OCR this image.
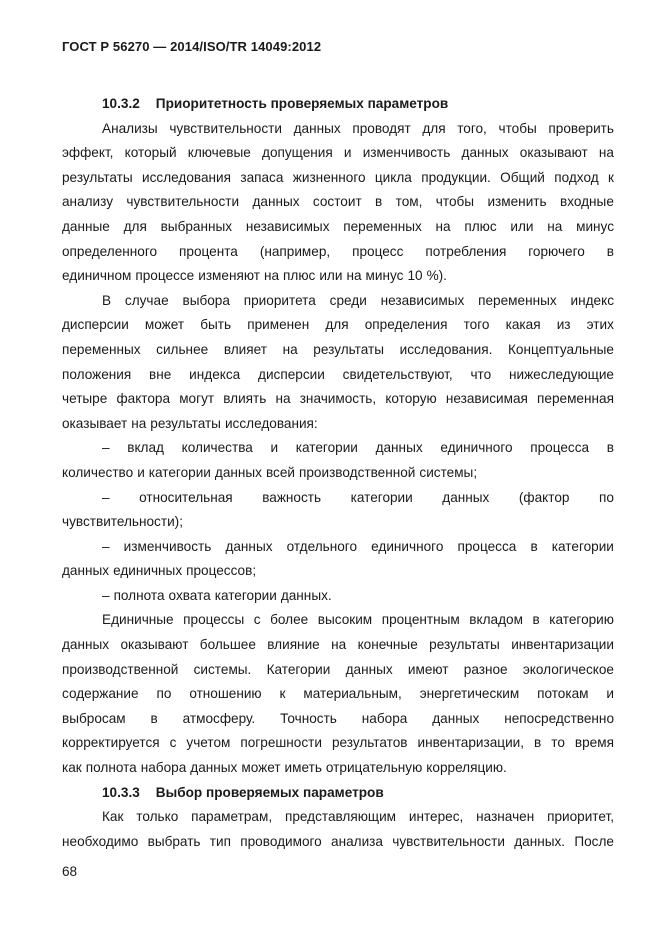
ГОСТ Р 56270 — 2014/ISO/TR 14049:2012
10.3.2 Приоритетность проверяемых параметров
Анализы чувствительности данных проводят для того, чтобы проверить
эффект, который ключевые допущения и изменчивость данных оказывают на
результаты исследования запаса жизненного цикла продукции. Общий подход к
анализу чувствительности данных состоит в том, чтобы изменить входные
данные для выбранных независимых переменных на плюс или на минус
определенного процента (например, процесс потребления горючего в
единичном процессе изменяют на плюс или на минус 10 %).
В случае выбора приоритета среди независимых переменных индекс
дисперсии может быть применен для определения того какая из этих
переменных сильнее влияет на результаты исследования. Концептуальные
положения вне индекса дисперсии свидетельствуют, что нижеследующие
четыре фактора могут влиять на значимость, которую независимая переменная
оказывает на результаты исследования:
– вклад количества и категории данных единичного процесса в
количество и категории данных всей производственной системы;
– относительная важность категории данных (фактор по
чувствительности);
– изменчивость данных отдельного единичного процесса в категории
данных единичных процессов;
– полнота охвата категории данных.
Единичные процессы с более высоким процентным вкладом в категорию
данных оказывают большее влияние на конечные результаты инвентаризации
производственной системы. Категории данных имеют разное экологическое
содержание по отношению к материальным, энергетическим потокам и
выбросам в атмосферу. Точность набора данных непосредственно
корректируется с учетом погрешности результатов инвентаризации, в то время
как полнота набора данных может иметь отрицательную корреляцию.
10.3.3 Выбор проверяемых параметров
Как только параметрам, представляющим интерес, назначен приоритет,
необходимо выбрать тип проводимого анализа чувствительности данных. После
68
